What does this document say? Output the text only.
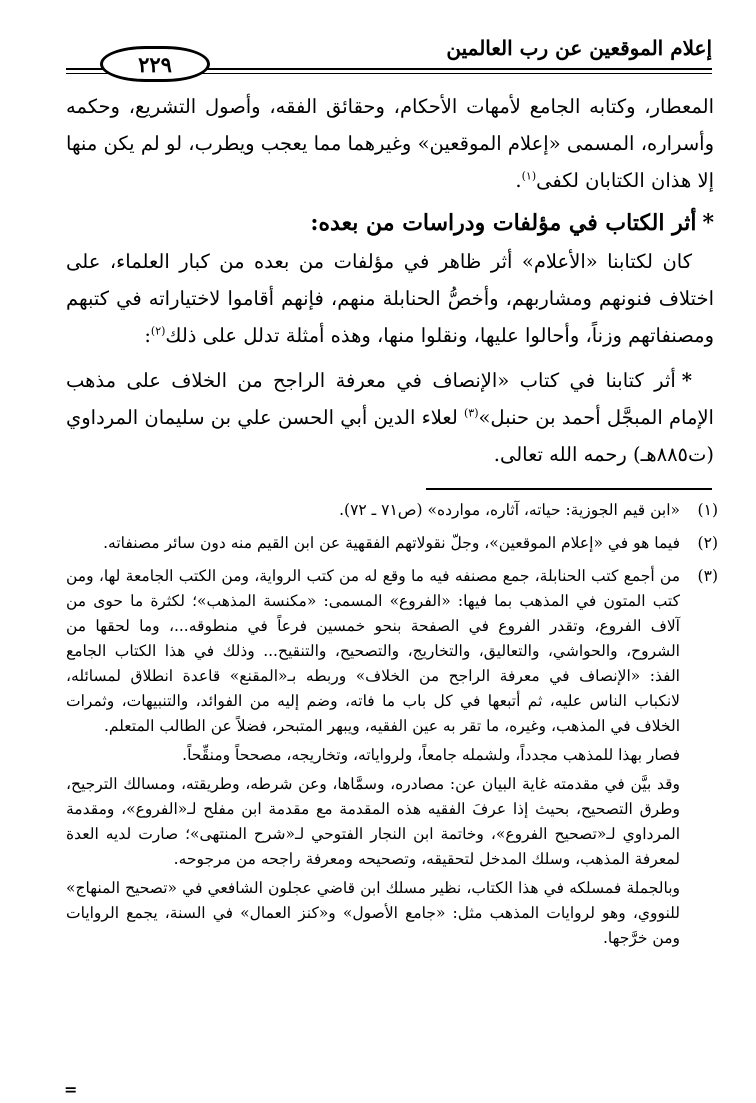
إعلام الموقعين عن رب العالمين
٢٢٩

المعطار، وكتابه الجامع لأمهات الأحكام، وحقائق الفقه، وأصول التشريع، وحكمه وأسراره، المسمى «إعلام الموقعين» وغيرهما مما يعجب ويطرب، لو لم يكن منها إلا هذان الكتابان لكفى$^{(١)}$.

*أثر الكتاب في مؤلفات ودراسات من بعده:

كان لكتابنا «الأعلام» أثر ظاهر في مؤلفات من بعده من كبار العلماء، على اختلاف فنونهم ومشاربهم، وأخصُّ الحنابلة منهم، فإنهم أقاموا لاختياراته في كتبهم ومصنفاتهم وزناً، وأحالوا عليها، ونقلوا منها، وهذه أمثلة تدلل على ذلك$^{(٢)}$:

*أثر كتابنا في كتاب «الإنصاف في معرفة الراجح من الخلاف على مذهب الإمام المبجَّل أحمد بن حنبل»$^{(٣)}$ لعلاء الدين أبي الحسن علي بن سليمان المرداوي (ت٨٨٥هـ) رحمه الله تعالى.

(١)

«ابن قيم الجوزية: حياته، آثاره، موارده» (ص٧١ ـ ٧٢).

(٢)

فيما هو في «إعلام الموقعين»، وجلّ نقولاتهم الفقهية عن ابن القيم منه دون سائر مصنفاته.

(٣)

من أجمع كتب الحنابلة، جمع مصنفه فيه ما وقع له من كتب الرواية، ومن الكتب الجامعة لها، ومن كتب المتون في المذهب بما فيها: «الفروع» المسمى: «مكنسة المذهب»؛ لكثرة ما حوى من آلاف الفروع، وتقدر الفروع في الصفحة بنحو خمسين فرعاً في منطوقه...، وما لحقها من الشروح، والحواشي، والتعاليق، والتخاريج، والتصحيح، والتنقيح... وذلك في هذا الكتاب الجامع الفذ: «الإنصاف في معرفة الراجح من الخلاف» وربطه بـ«المقنع» قاعدة انطلاق لمسائله، لانكباب الناس عليه، ثم أتبعها في كل باب ما فاته، وضم إليه من الفوائد، والتنبيهات، وثمرات الخلاف في المذهب، وغيره، ما تقر به عين الفقيه، ويبهر المتبحر، فضلاً عن الطالب المتعلم.

فصار بهذا للمذهب مجدداً، ولشمله جامعاً، ولرواياته، وتخاريجه، مصححاً ومنقِّحاً.

وقد بيَّن في مقدمته غاية البيان عن: مصادره، وسمَّاها، وعن شرطه، وطريقته، ومسالك الترجيح، وطرق التصحيح، بحيث إذا عرفَ الفقيه هذه المقدمة مع مقدمة ابن مفلح لـ«الفروع»، ومقدمة المرداوي لـ«تصحيح الفروع»، وخاتمة ابن النجار الفتوحي لـ«شرح المنتهى»؛ صارت لديه العدة لمعرفة المذهب، وسلك المدخل لتحقيقه، وتصحيحه ومعرفة راجحه من مرجوحه.

وبالجملة فمسلكه في هذا الكتاب، نظير مسلك ابن قاضي عجلون الشافعي في «تصحيح المنهاج» للنووي، وهو لروايات المذهب مثل: «جامع الأصول» و«كنز العمال» في السنة، يجمع الروايات ومن خرَّجها.

=
